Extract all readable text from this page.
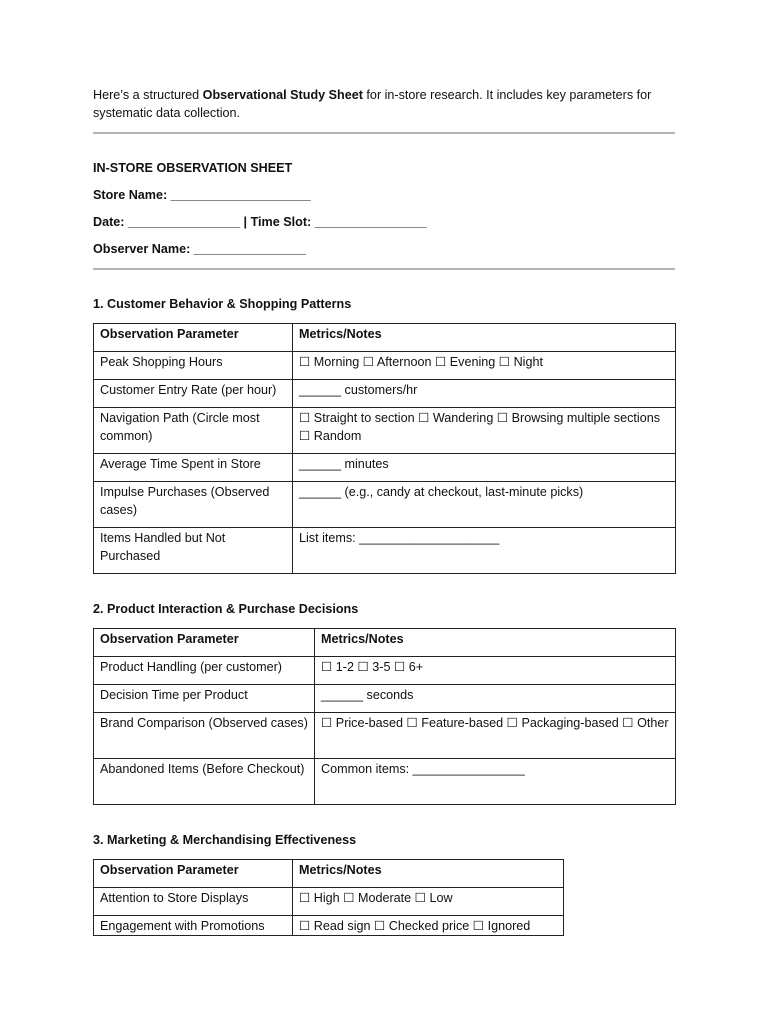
Here’s a structured Observational Study Sheet for in-store research. It includes key parameters for systematic data collection.

IN-STORE OBSERVATION SHEET

Store Name: ____________________

Date: ________________ | Time Slot: ________________

Observer Name: ________________

1. Customer Behavior & Shopping Patterns

Observation Parameter	Metrics/Notes
Peak Shopping Hours	☐ Morning ☐ Afternoon ☐ Evening ☐ Night
Customer Entry Rate (per hour)	______ customers/hr
Navigation Path (Circle most common)	☐ Straight to section ☐ Wandering ☐ Browsing multiple sections ☐ Random
Average Time Spent in Store	______ minutes
Impulse Purchases (Observed cases)	______ (e.g., candy at checkout, last-minute picks)
Items Handled but Not Purchased	List items: ____________________

2. Product Interaction & Purchase Decisions

Observation Parameter	Metrics/Notes
Product Handling (per customer)	☐ 1-2 ☐ 3-5 ☐ 6+
Decision Time per Product	______ seconds
Brand Comparison (Observed cases)	☐ Price-based ☐ Feature-based ☐ Packaging-based ☐ Other
Abandoned Items (Before Checkout)	Common items: ________________

3. Marketing & Merchandising Effectiveness

Observation Parameter	Metrics/Notes
Attention to Store Displays	☐ High ☐ Moderate ☐ Low
Engagement with Promotions	☐ Read sign ☐ Checked price ☐ Ignored
